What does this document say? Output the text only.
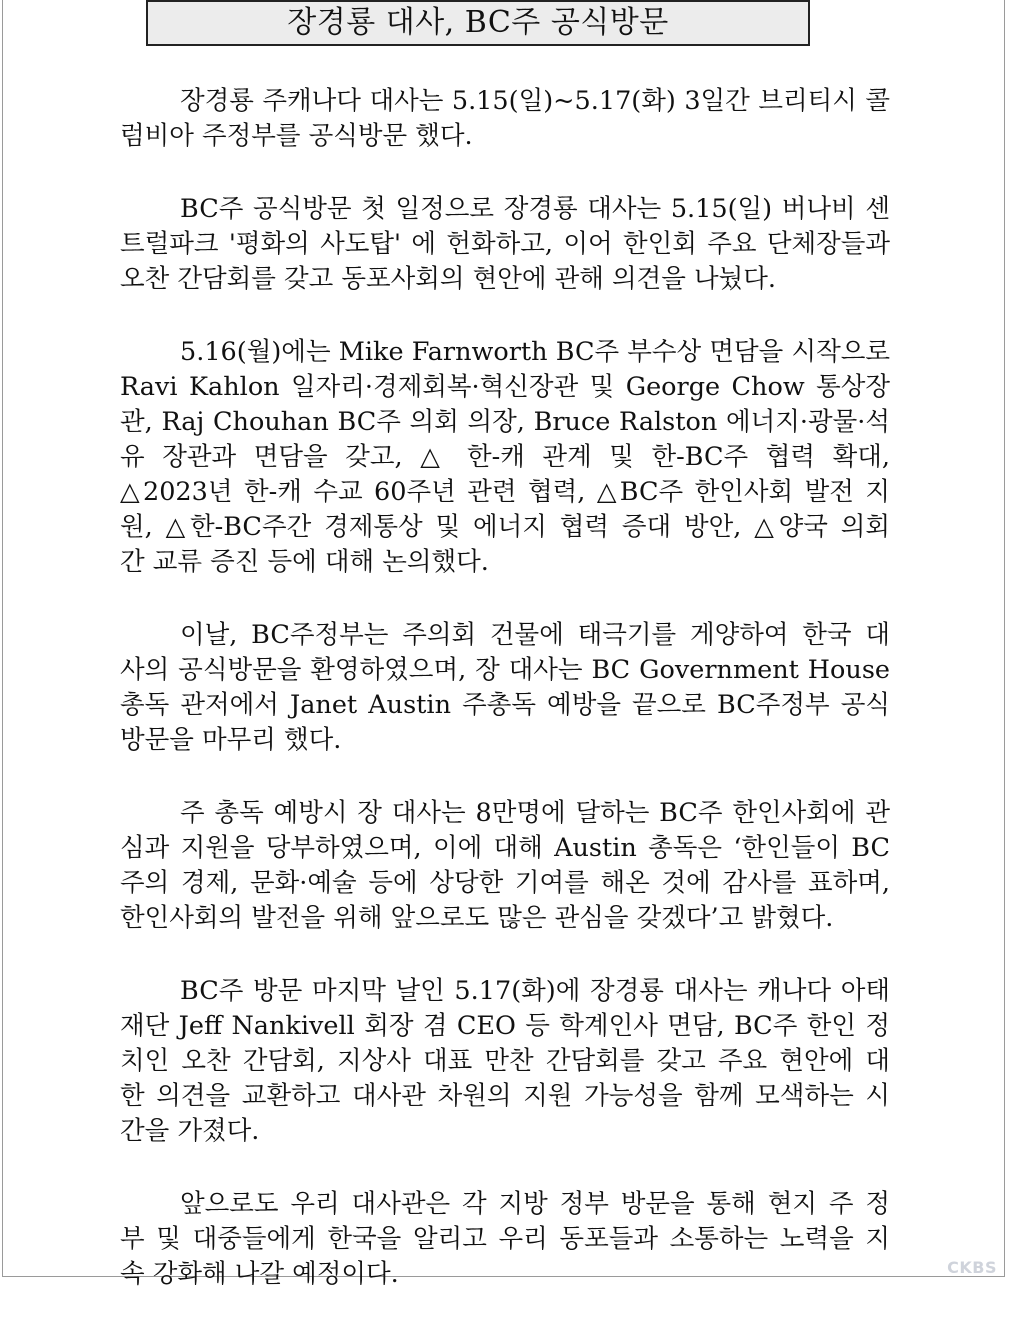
장경룡 대사, BC주 공식방문

장경룡 주캐나다 대사는 5.15(일)~5.17(화) 3일간 브리티시 콜
럼비아 주정부를 공식방문 했다.

BC주 공식방문 첫 일정으로 장경룡 대사는 5.15(일) 버나비 센
트럴파크 '평화의 사도탑' 에 헌화하고, 이어 한인회 주요 단체장들과
오찬 간담회를 갖고 동포사회의 현안에 관해 의견을 나눴다.

5.16(월)에는 Mike Farnworth BC주 부수상 면담을 시작으로
Ravi Kahlon 일자리·경제회복·혁신장관 및 George Chow 통상장
관, Raj Chouhan BC주 의회 의장, Bruce Ralston 에너지·광물·석
유 장관과 면담을 갖고, △ 한-캐 관계 및 한-BC주 협력 확대,
△2023년 한-캐 수교 60주년 관련 협력, △BC주 한인사회 발전 지
원, △한-BC주간 경제통상 및 에너지 협력 증대 방안, △양국 의회
간 교류 증진 등에 대해 논의했다.

이날, BC주정부는 주의회 건물에 태극기를 게양하여 한국 대
사의 공식방문을 환영하였으며, 장 대사는 BC Government House
총독 관저에서 Janet Austin 주총독 예방을 끝으로 BC주정부 공식
방문을 마무리 했다.

주 총독 예방시 장 대사는 8만명에 달하는 BC주 한인사회에 관
심과 지원을 당부하였으며, 이에 대해 Austin 총독은 ‘한인들이 BC
주의 경제, 문화·예술 등에 상당한 기여를 해온 것에 감사를 표하며,
한인사회의 발전을 위해 앞으로도 많은 관심을 갖겠다’고 밝혔다.

BC주 방문 마지막 날인 5.17(화)에 장경룡 대사는 캐나다 아태
재단 Jeff Nankivell 회장 겸 CEO 등 학계인사 면담, BC주 한인 정
치인 오찬 간담회, 지상사 대표 만찬 간담회를 갖고 주요 현안에 대
한 의견을 교환하고 대사관 차원의 지원 가능성을 함께 모색하는 시
간을 가졌다.

앞으로도 우리 대사관은 각 지방 정부 방문을 통해 현지 주 정
부 및 대중들에게 한국을 알리고 우리 동포들과 소통하는 노력을 지
속 강화해 나갈 예정이다.	CKBS
